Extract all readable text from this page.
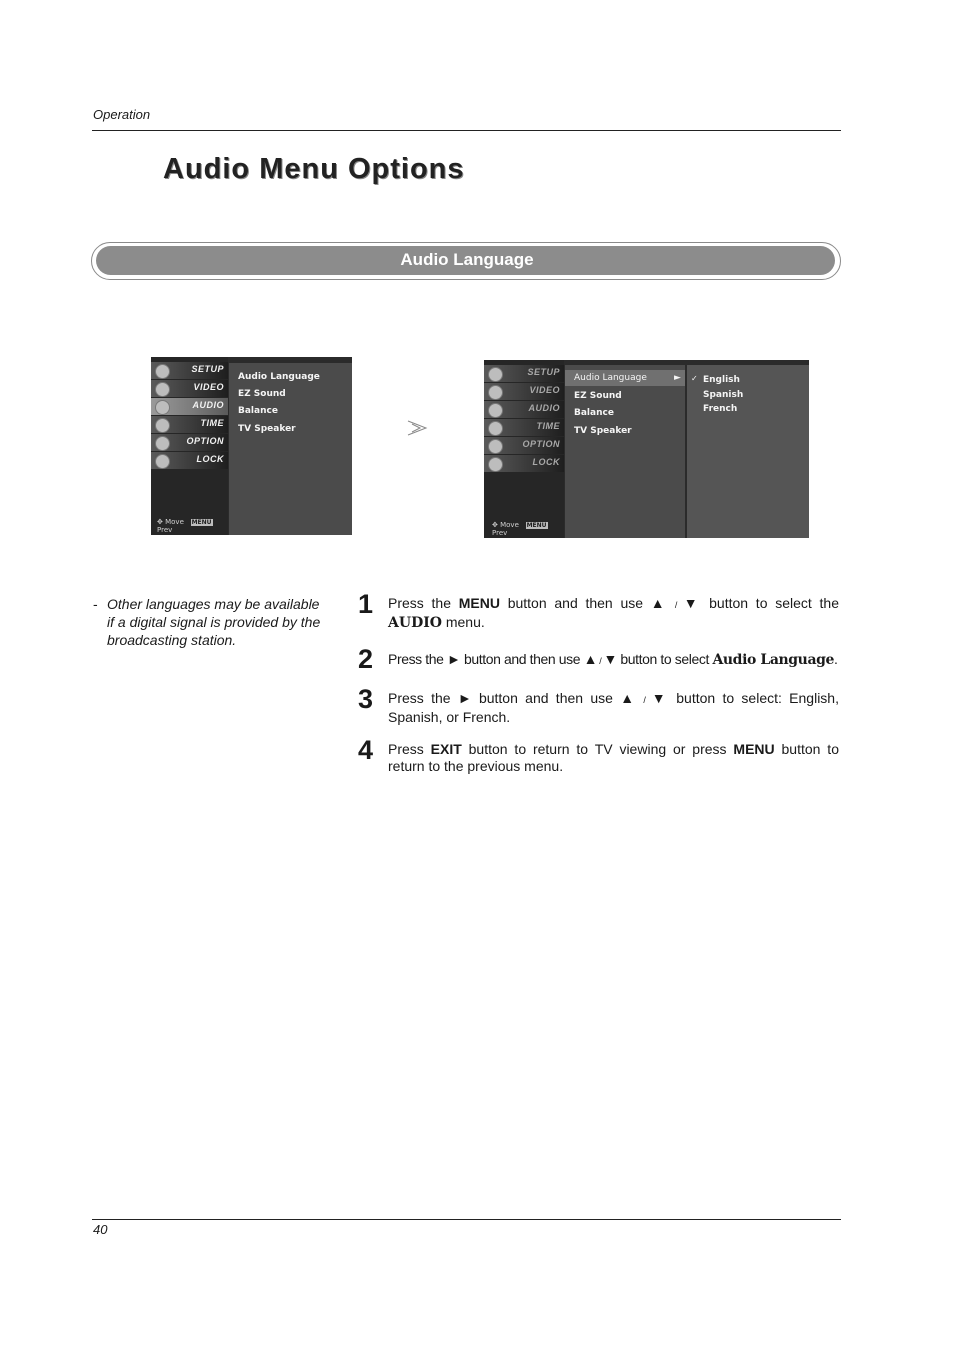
Operation
Audio Menu Options
Audio Language
SETUP
VIDEO
AUDIO
TIME
OPTION
LOCK
✥ Move MENUPrev
Audio Language
EZ Sound
Balance
TV Speaker
SETUP
VIDEO
AUDIO
TIME
OPTION
LOCK
✥ Move MENUPrev
Audio Language	►
EZ Sound
Balance
TV Speaker
✓ English
Spanish
French
- Other languages may be available if a digital signal is provided by the broadcasting station.
1 Press the MENU button and then use ▲ / ▼ button to select the AUDIO menu.
2 Press the ► button and then use ▲ / ▼ button to select Audio Language.
3 Press the ► button and then use ▲ / ▼ button to select: English, Spanish, or French.
4 Press EXIT button to return to TV viewing or press MENU button to return to the previous menu.
40
